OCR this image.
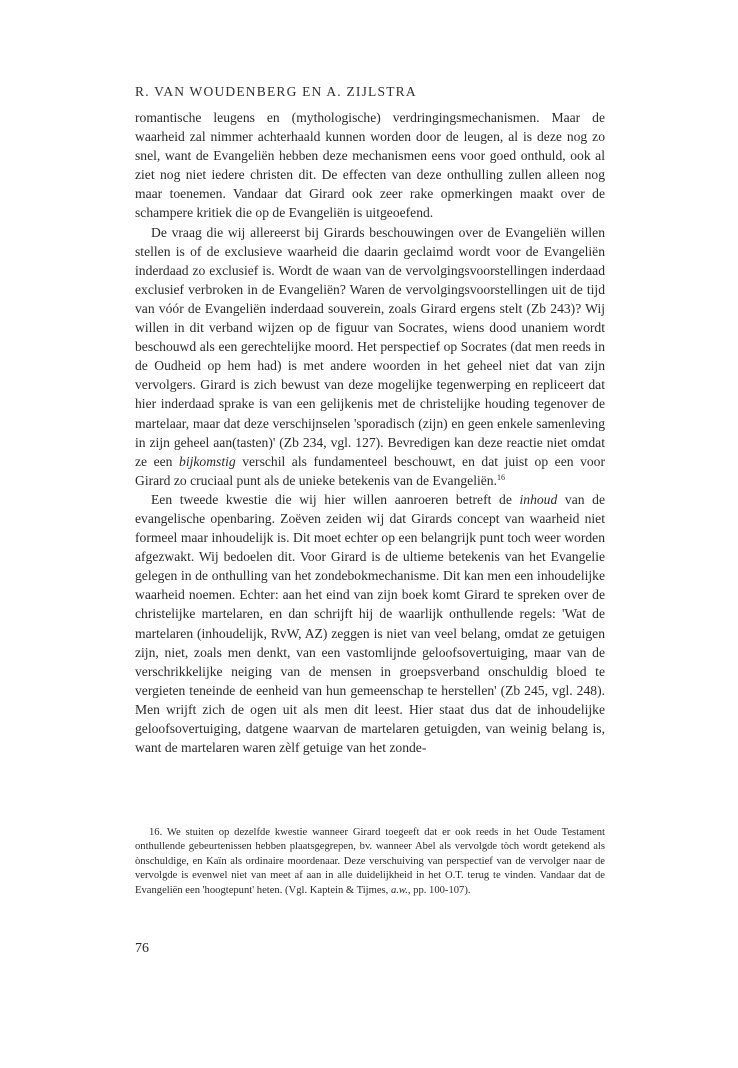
R. VAN WOUDENBERG EN A. ZIJLSTRA

romantische leugens en (mythologische) verdringingsmechanismen. Maar de waarheid zal nimmer achterhaald kunnen worden door de leugen, al is deze nog zo snel, want de Evangeliën hebben deze mechanismen eens voor goed onthuld, ook al ziet nog niet iedere christen dit. De effecten van deze onthulling zullen alleen nog maar toenemen. Vandaar dat Girard ook zeer rake opmerkingen maakt over de schampere kritiek die op de Evangeliën is uitgeoefend.

De vraag die wij allereerst bij Girards beschouwingen over de Evangeliën willen stellen is of de exclusieve waarheid die daarin geclaimd wordt voor de Evangeliën inderdaad zo exclusief is. Wordt de waan van de vervolgingsvoorstellingen inderdaad exclusief verbroken in de Evangeliën? Waren de vervolgingsvoorstellingen uit de tijd van vóór de Evangeliën inderdaad souverein, zoals Girard ergens stelt (Zb 243)? Wij willen in dit verband wijzen op de figuur van Socrates, wiens dood unaniem wordt beschouwd als een gerechtelijke moord. Het perspectief op Socrates (dat men reeds in de Oudheid op hem had) is met andere woorden in het geheel niet dat van zijn vervolgers. Girard is zich bewust van deze mogelijke tegenwerping en repliceert dat hier inderdaad sprake is van een gelijkenis met de christelijke houding tegenover de martelaar, maar dat deze verschijnselen 'sporadisch (zijn) en geen enkele samenleving in zijn geheel aan(tasten)' (Zb 234, vgl. 127). Bevredigen kan deze reactie niet omdat ze een bijkomstig verschil als fundamenteel beschouwt, en dat juist op een voor Girard zo cruciaal punt als de unieke betekenis van de Evangeliën.$^{16}$

Een tweede kwestie die wij hier willen aanroeren betreft de inhoud van de evangelische openbaring. Zoëven zeiden wij dat Girards concept van waarheid niet formeel maar inhoudelijk is. Dit moet echter op een belangrijk punt toch weer worden afgezwakt. Wij bedoelen dit. Voor Girard is de ultieme betekenis van het Evangelie gelegen in de onthulling van het zondebokmechanisme. Dit kan men een inhoudelijke waarheid noemen. Echter: aan het eind van zijn boek komt Girard te spreken over de christelijke martelaren, en dan schrijft hij de waarlijk onthullende regels: 'Wat de martelaren (inhoudelijk, RvW, AZ) zeggen is niet van veel belang, omdat ze getuigen zijn, niet, zoals men denkt, van een vastomlijnde geloofsovertuiging, maar van de verschrikkelijke neiging van de mensen in groepsverband onschuldig bloed te vergieten teneinde de eenheid van hun gemeenschap te herstellen' (Zb 245, vgl. 248). Men wrijft zich de ogen uit als men dit leest. Hier staat dus dat de inhoudelijke geloofsovertuiging, datgene waarvan de martelaren getuigden, van weinig belang is, want de martelaren waren zèlf getuige van het zonde-

16. We stuiten op dezelfde kwestie wanneer Girard toegeeft dat er ook reeds in het Oude Testament onthullende gebeurtenissen hebben plaatsgegrepen, bv. wanneer Abel als vervolgde tòch wordt getekend als ònschuldige, en Kaïn als ordinaire moordenaar. Deze verschuiving van perspectief van de vervolger naar de vervolgde is evenwel niet van meet af aan in alle duidelijkheid in het O.T. terug te vinden. Vandaar dat de Evangeliën een 'hoogtepunt' heten. (Vgl. Kaptein & Tijmes, a.w., pp. 100-107).
76
